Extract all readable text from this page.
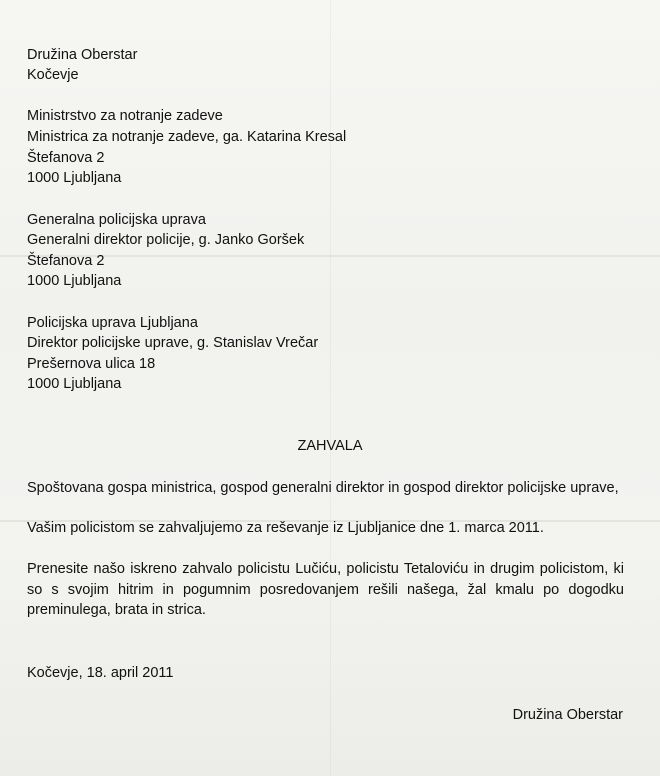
Družina Oberstar
Kočevje
Ministrstvo za notranje zadeve
Ministrica za notranje zadeve, ga. Katarina Kresal
Štefanova 2
1000 Ljubljana
Generalna policijska uprava
Generalni direktor policije, g. Janko Goršek
Štefanova 2
1000 Ljubljana
Policijska uprava Ljubljana
Direktor policijske uprave, g. Stanislav Vrečar
Prešernova ulica 18
1000 Ljubljana
ZAHVALA
Spoštovana gospa ministrica, gospod generalni direktor in gospod direktor policijske uprave,
Vašim policistom se zahvaljujemo za reševanje iz Ljubljanice dne 1. marca 2011.
Prenesite našo iskreno zahvalo policistu Lučiću, policistu Tetaloviću in drugim policistom, ki so s svojim hitrim in pogumnim posredovanjem rešili našega, žal kmalu po dogodku preminulega, brata in strica.
Kočevje, 18. april 2011
Družina Oberstar
